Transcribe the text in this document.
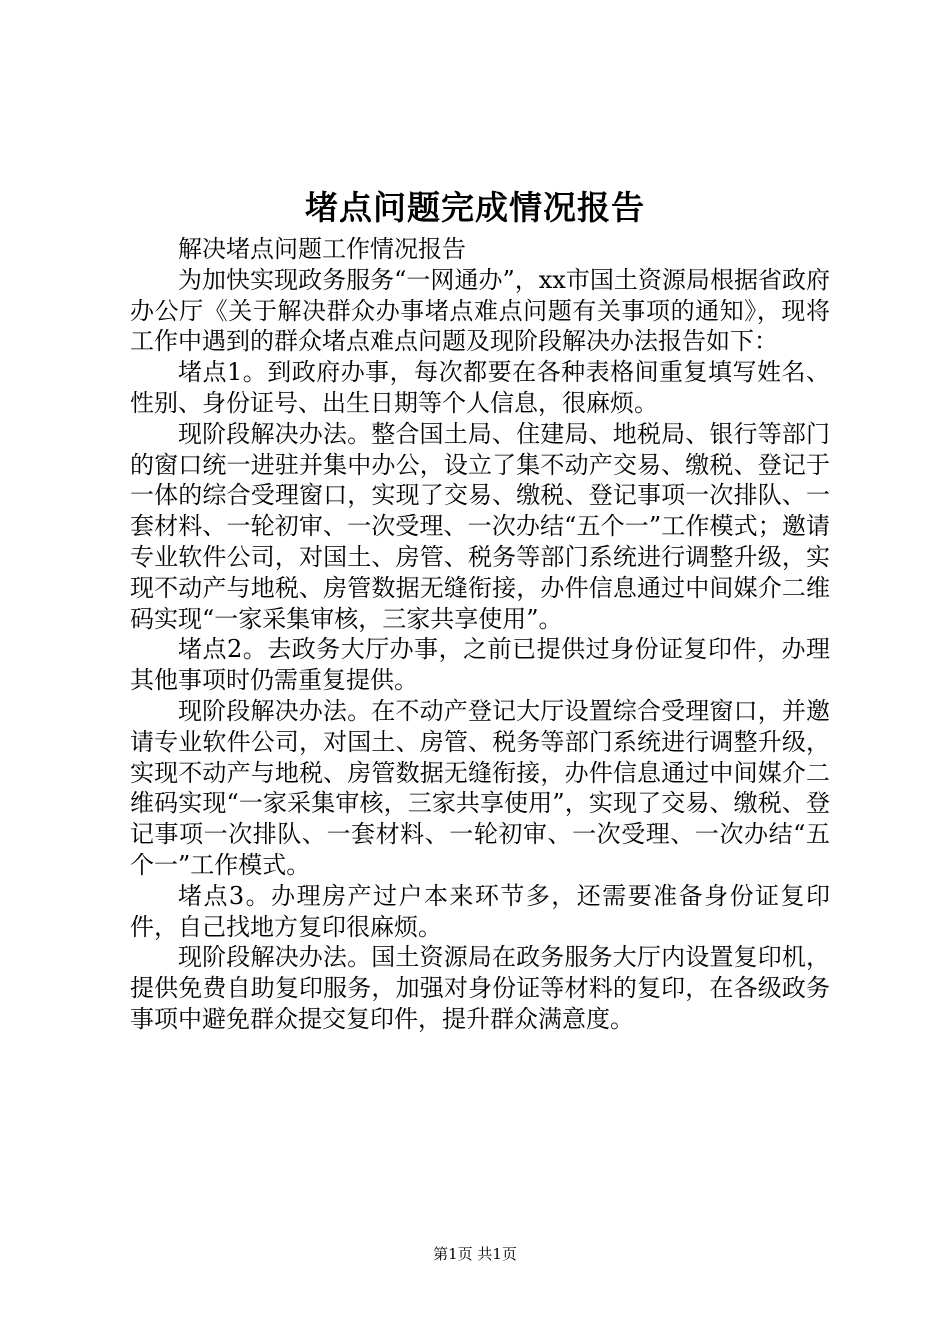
堵点问题完成情况报告

解决堵点问题工作情况报告

为加快实现政务服务“一网通办”，xx市国土资源局根据省政府办公厅《关于解决群众办事堵点难点问题有关事项的通知》，现将工作中遇到的群众堵点难点问题及现阶段解决办法报告如下：

堵点1。到政府办事，每次都要在各种表格间重复填写姓名、性别、身份证号、出生日期等个人信息，很麻烦。

现阶段解决办法。整合国土局、住建局、地税局、银行等部门的窗口统一进驻并集中办公，设立了集不动产交易、缴税、登记于一体的综合受理窗口，实现了交易、缴税、登记事项一次排队、一套材料、一轮初审、一次受理、一次办结“五个一”工作模式；邀请专业软件公司，对国土、房管、税务等部门系统进行调整升级，实现不动产与地税、房管数据无缝衔接，办件信息通过中间媒介二维码实现“一家采集审核，三家共享使用”。

堵点2。去政务大厅办事，之前已提供过身份证复印件，办理其他事项时仍需重复提供。

现阶段解决办法。在不动产登记大厅设置综合受理窗口，并邀请专业软件公司，对国土、房管、税务等部门系统进行调整升级，实现不动产与地税、房管数据无缝衔接，办件信息通过中间媒介二维码实现“一家采集审核，三家共享使用”，实现了交易、缴税、登记事项一次排队、一套材料、一轮初审、一次受理、一次办结“五个一”工作模式。

堵点3。办理房产过户本来环节多，还需要准备身份证复印件，自己找地方复印很麻烦。

现阶段解决办法。国土资源局在政务服务大厅内设置复印机，提供免费自助复印服务，加强对身份证等材料的复印，在各级政务事项中避免群众提交复印件，提升群众满意度。

第1页 共1页
